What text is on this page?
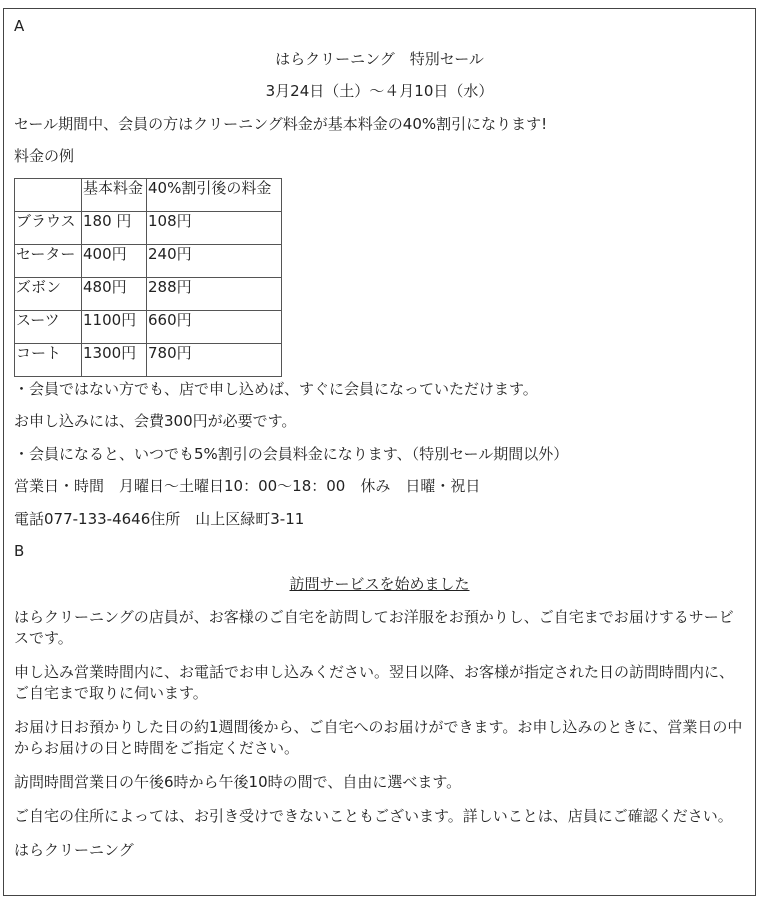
A
はらクリーニング　特別セール
3月24日（土）～４月10日（水）
セール期間中、会員の方はクリーニング料金が基本料金の40%割引になります!
料金の例
	基本料金	40%割引後の料金
ブラウス	180 円	108円
セーター	400円	240円
ズボン	480円	288円
スーツ	1100円	660円
コート	1300円	780円
・会員ではない方でも、店で申し込めば、すぐに会員になっていただけます。
お申し込みには、会費300円が必要です。
・会員になると、いつでも5%割引の会員料金になります、（特別セール期間以外）
営業日・時間　月曜日～土曜日10：00～18：00　休み　日曜・祝日
電話077-133-4646住所　山上区緑町3-11
B
訪問サービスを始めました
はらクリーニングの店員が、お客様のご自宅を訪問してお洋服をお預かりし、ご自宅までお届けするサービスです。
申し込み営業時間内に、お電話でお申し込みください。翌日以降、お客様が指定された日の訪問時間内に、ご自宅まで取りに伺います。
お届け日お預かりした日の約1週間後から、ご自宅へのお届けができます。お申し込みのときに、営業日の中からお届けの日と時間をご指定ください。
訪問時間営業日の午後6時から午後10時の間で、自由に選べます。
ご自宅の住所によっては、お引き受けできないこともございます。詳しいことは、店員にご確認ください。
はらクリーニング
